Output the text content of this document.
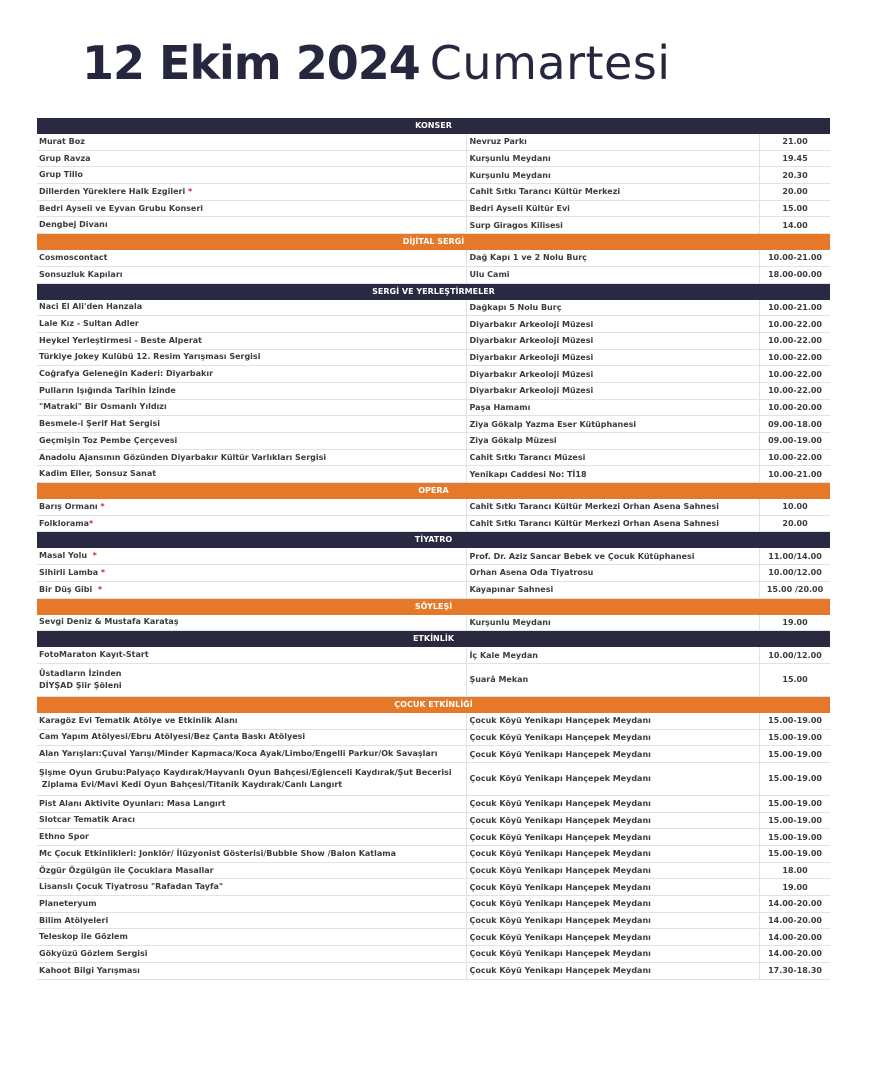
12 Ekim 2024 Cumartesi
KONSER
Murat Boz	Nevruz Parkı	21.00
Grup Ravza	Kurşunlu Meydanı	19.45
Grup Tillo	Kurşunlu Meydanı	20.30
Dillerden Yüreklere Halk Ezgileri *	Cahit Sıtkı Tarancı Kültür Merkezi	20.00
Bedri Ayseli ve Eyvan Grubu Konseri	Bedri Ayseli Kültür Evi	15.00
Dengbej Divanı	Surp Giragos Kilisesi	14.00
DİJİTAL SERGİ
Cosmoscontact	Dağ Kapı 1 ve 2 Nolu Burç	10.00-21.00
Sonsuzluk Kapıları	Ulu Cami	18.00-00.00
SERGİ VE YERLEŞTİRMELER
Naci El Ali'den Hanzala	Dağkapı 5 Nolu Burç	10.00-21.00
Lale Kız - Sultan Adler	Diyarbakır Arkeoloji Müzesi	10.00-22.00
Heykel Yerleştirmesi - Beste Alperat	Diyarbakır Arkeoloji Müzesi	10.00-22.00
Türkiye Jokey Kulübü 12. Resim Yarışması Sergisi	Diyarbakır Arkeoloji Müzesi	10.00-22.00
Coğrafya Geleneğin Kaderi: Diyarbakır	Diyarbakır Arkeoloji Müzesi	10.00-22.00
Pulların Işığında Tarihin İzinde	Diyarbakır Arkeoloji Müzesi	10.00-22.00
"Matraki" Bir Osmanlı Yıldızı	Paşa Hamamı	10.00-20.00
Besmele-i Şerif Hat Sergisi	Ziya Gökalp Yazma Eser Kütüphanesi	09.00-18.00
Geçmişin Toz Pembe Çerçevesi	Ziya Gökalp Müzesi	09.00-19.00
Anadolu Ajansının Gözünden Diyarbakır Kültür Varlıkları Sergisi	Cahit Sıtkı Tarancı Müzesi	10.00-22.00
Kadim Eller, Sonsuz Sanat	Yenikapı Caddesi No: Tİ18	10.00-21.00
OPERA
Barış Ormanı *	Cahit Sıtkı Tarancı Kültür Merkezi Orhan Asena Sahnesi	10.00
Folklorama*	Cahit Sıtkı Tarancı Kültür Merkezi Orhan Asena Sahnesi	20.00
TİYATRO
Masal Yolu  *	Prof. Dr. Aziz Sancar Bebek ve Çocuk Kütüphanesi	11.00/14.00
Sihirli Lamba *	Orhan Asena Oda Tiyatrosu	10.00/12.00
Bir Düş Gibi  *	Kayapınar Sahnesi	15.00 /20.00
SÖYLEŞİ
Sevgi Deniz & Mustafa Karataş	Kurşunlu Meydanı	19.00
ETKİNLİK
FotoMaraton Kayıt-Start	İç Kale Meydan	10.00/12.00
Üstadların İzinden
DİYŞAD Şiir Şöleni
Şuarâ Mekan	15.00
ÇOCUK ETKİNLİĞİ
Karagöz Evi Tematik Atölye ve Etkinlik Alanı	Çocuk Köyü Yenikapı Hançepek Meydanı	15.00-19.00
Cam Yapım Atölyesi/Ebru Atölyesi/Bez Çanta Baskı Atölyesi	Çocuk Köyü Yenikapı Hançepek Meydanı	15.00-19.00
Alan Yarışları:Çuval Yarışı/Minder Kapmaca/Koca Ayak/Limbo/Engelli Parkur/Ok Savaşları	Çocuk Köyü Yenikapı Hançepek Meydanı	15.00-19.00
Şişme Oyun Grubu:Palyaço Kaydırak/Hayvanlı Oyun Bahçesi/Eğlenceli Kaydırak/Şut Becerisi
Ziplama Evi/Mavi Kedi Oyun Bahçesi/Titanik Kaydırak/Canlı Langırt
Çocuk Köyü Yenikapı Hançepek Meydanı	15.00-19.00
Pist Alanı Aktivite Oyunları: Masa Langırt	Çocuk Köyü Yenikapı Hançepek Meydanı	15.00-19.00
Slotcar Tematik Aracı	Çocuk Köyü Yenikapı Hançepek Meydanı	15.00-19.00
Ethno Spor	Çocuk Köyü Yenikapı Hançepek Meydanı	15.00-19.00
Mc Çocuk Etkinlikleri: Jonklör/ İlüzyonist Gösterisi/Bubble Show /Balon Katlama	Çocuk Köyü Yenikapı Hançepek Meydanı	15.00-19.00
Özgür Özgülgün ile Çocuklara Masallar	Çocuk Köyü Yenikapı Hançepek Meydanı	18.00
Lisanslı Çocuk Tiyatrosu "Rafadan Tayfa"	Çocuk Köyü Yenikapı Hançepek Meydanı	19.00
Planeteryum	Çocuk Köyü Yenikapı Hançepek Meydanı	14.00-20.00
Bilim Atölyeleri	Çocuk Köyü Yenikapı Hançepek Meydanı	14.00-20.00
Teleskop ile Gözlem	Çocuk Köyü Yenikapı Hançepek Meydanı	14.00-20.00
Gökyüzü Gözlem Sergisi	Çocuk Köyü Yenikapı Hançepek Meydanı	14.00-20.00
Kahoot Bilgi Yarışması	Çocuk Köyü Yenikapı Hançepek Meydanı	17.30-18.30
